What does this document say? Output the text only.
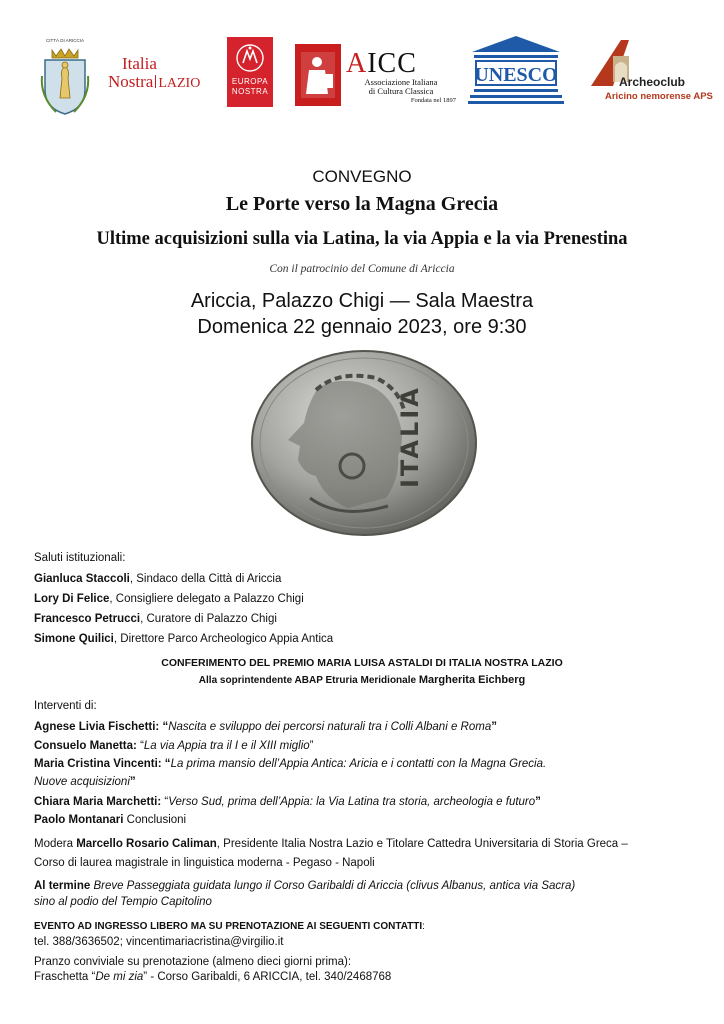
CITTÀ DI ARICCIA
Italia
Nostra LAZIO	EUROPA
NOSTRA
AICC
Associazione Italiana
di Cultura Classica
Fondata nel 1897
UNESCO	Archeoclub
Aricino nemorense APS
CONVEGNO
Le Porte verso la Magna Grecia
Ultime acquisizioni sulla via Latina, la via Appia e la via Prenestina
Con il patrocinio del Comune di Ariccia
Ariccia, Palazzo Chigi — Sala Maestra
Domenica 22 gennaio 2023, ore 9:30
ITALIA
Saluti istituzionali:
Gianluca Staccoli, Sindaco della Città di Ariccia
Lory Di Felice, Consigliere delegato a Palazzo Chigi
Francesco Petrucci, Curatore di Palazzo Chigi
Simone Quilici, Direttore Parco Archeologico Appia Antica
CONFERIMENTO DEL PREMIO MARIA LUISA ASTALDI DI ITALIA NOSTRA LAZIO
Alla soprintendente ABAP Etruria Meridionale Margherita Eichberg
Interventi di:
Agnese Livia Fischetti: “Nascita e sviluppo dei percorsi naturali tra i Colli Albani e Roma”
Consuelo Manetta: “La via Appia tra il I e il XIII miglio”
Maria Cristina Vincenti: “La prima mansio dell’Appia Antica: Aricia e i contatti con la Magna Grecia.
Nuove acquisizioni”
Chiara Maria Marchetti: “Verso Sud, prima dell’Appia: la Via Latina tra storia, archeologia e futuro”
Paolo Montanari Conclusioni
Modera Marcello Rosario Caliman, Presidente Italia Nostra Lazio e Titolare Cattedra Universitaria di Storia Greca –
Corso di laurea magistrale in linguistica moderna - Pegaso - Napoli
Al termine Breve Passeggiata guidata lungo il Corso Garibaldi di Ariccia (clivus Albanus, antica via Sacra)
sino al podio del Tempio Capitolino
EVENTO AD INGRESSO LIBERO MA SU PRENOTAZIONE AI SEGUENTI CONTATTI:
tel. 388/3636502; vincentimariacristina@virgilio.it
Pranzo conviviale su prenotazione (almeno dieci giorni prima):
Fraschetta “De mi zia” - Corso Garibaldi, 6 ARICCIA, tel. 340/2468768
